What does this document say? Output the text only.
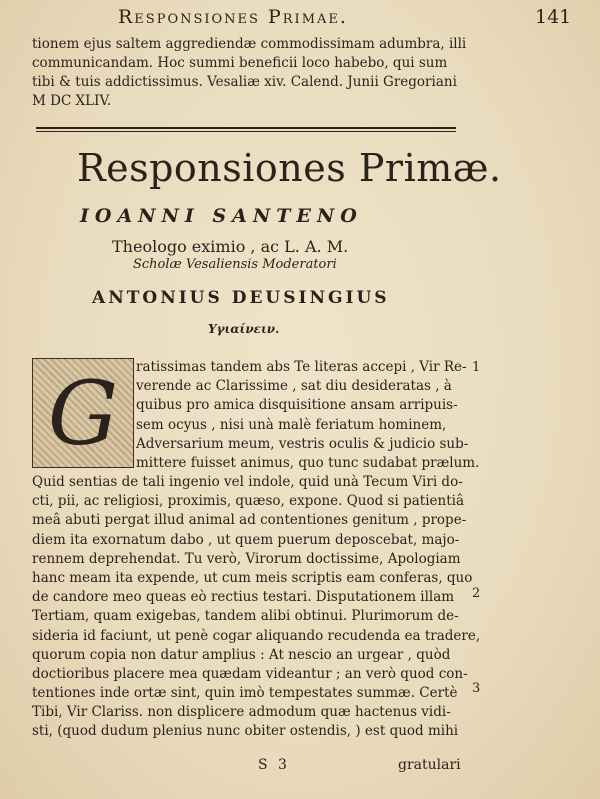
Responsiones Primae.	141
tionem ejus saltem aggrediendæ commodissimam adumbra, illi
communicandam. Hoc summi beneficii loco habebo, qui sum
tibi & tuis addictissimus. Vesaliæ xiv. Calend. Junii Gregoriani
M DC XLIV.
Responsiones Primæ.
IOANNI SANTENO
Theologo eximio , ac L. A. M.
Scholæ Vesaliensis Moderatori
ANTONIUS DEUSINGIUS
Υγιαίνειν.
G	ratissimas tandem abs Te literas accepi , Vir Re-
verende ac Clarissime , sat diu desideratas , à
quibus pro amica disquisitione ansam arripuis-
sem ocyus , nisi unà malè feriatum hominem,
Adversarium meum, vestris oculis & judicio sub-
mittere fuisset animus, quo tunc sudabat prælum.
Quid sentias de tali ingenio vel indole, quid unà Tecum Viri do-
cti, pii, ac religiosi, proximis, quæso, expone. Quod si patientiâ
meâ abuti pergat illud animal ad contentiones genitum , prope-
diem ita exornatum dabo , ut quem puerum deposcebat, majo-
rennem deprehendat. Tu verò, Virorum doctissime, Apologiam
hanc meam ita expende, ut cum meis scriptis eam conferas, quo
de candore meo queas eò rectius testari. Disputationem illam
Tertiam, quam exigebas, tandem alibi obtinui. Plurimorum de-
sideria id faciunt, ut penè cogar aliquando recudenda ea tradere,
quorum copia non datur amplius : At nescio an urgear , quòd
doctioribus placere mea quædam videantur ; an verò quod con-
tentiones inde ortæ sint, quin imò tempestates summæ. Certè
Tibi, Vir Clariss. non displicere admodum quæ hactenus vidi-
sti, (quod dudum plenius nunc obiter ostendis, ) est quod mihi
1
2
3
S 3	gratulari
